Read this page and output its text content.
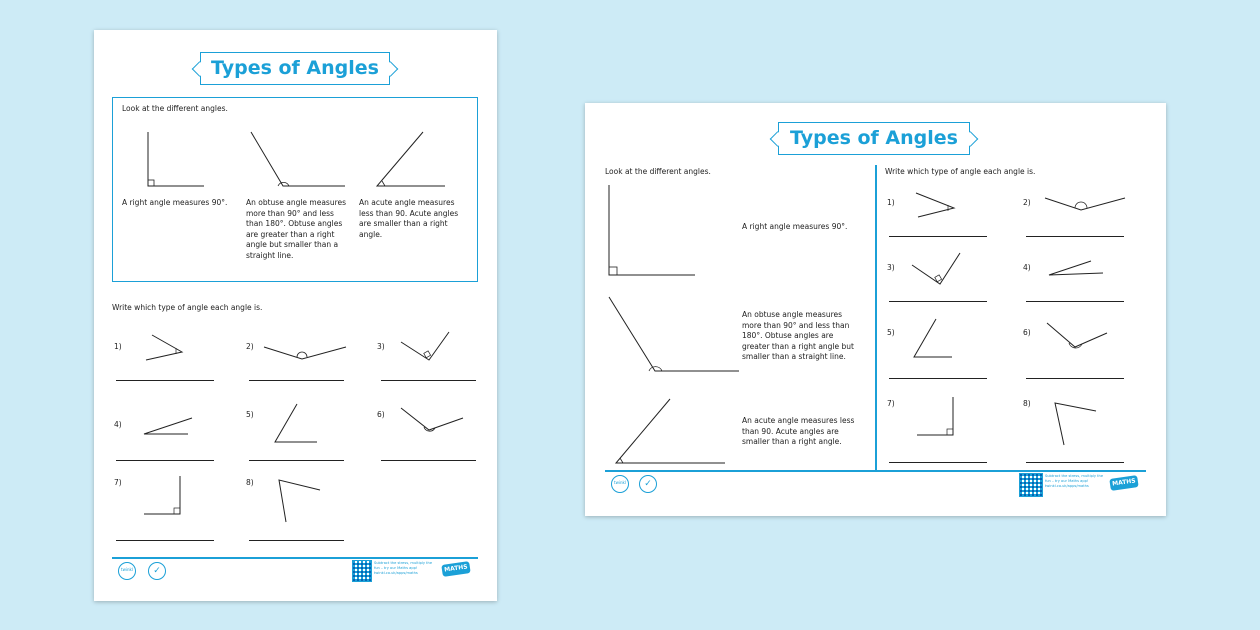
Types of Angles
Look at the different angles.
A right angle measures 90°.	An obtuse angle measures more than 90° and less than 180°. Obtuse angles are greater than a right angle but smaller than a straight line.
An acute angle measures less than 90. Acute angles are smaller than a right angle.
Write which type of angle each angle is.
1)	2)	3)
4)
5)	6)
7)	8)
twinkl	✓
Subtract the stress, multiply the fun – try our Maths app! twinkl.co.uk/apps/maths	MATHS
Types of Angles
Look at the different angles.
A right angle measures 90°.
An obtuse angle measures more than 90° and less than 180°. Obtuse angles are greater than a right angle but smaller than a straight line.
An acute angle measures less than 90. Acute angles are smaller than a right angle.
Write which type of angle each angle is.
1)	2)
3)	4)
5)	6)
7)	8)
twinkl	✓
Subtract the stress, multiply the fun – try our Maths app! twinkl.co.uk/apps/maths	MATHS
